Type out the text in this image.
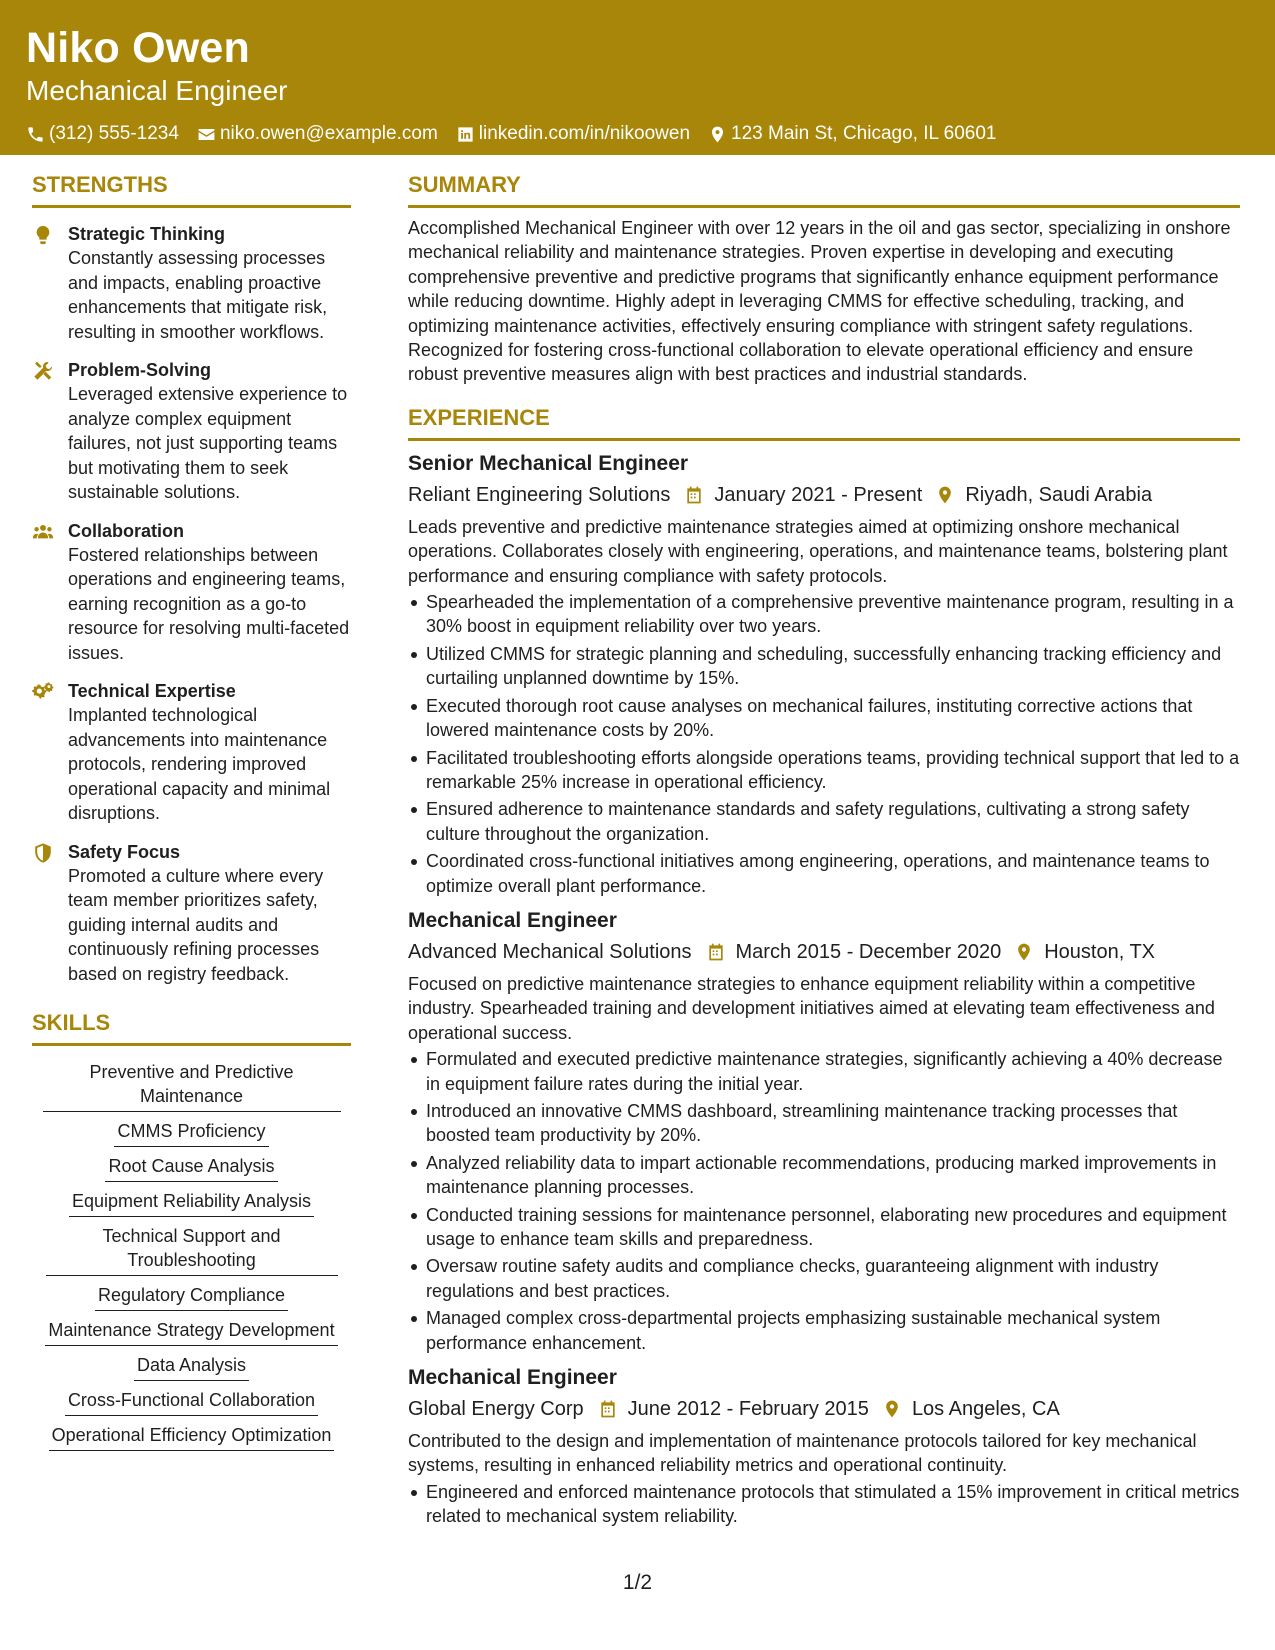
Niko Owen
Mechanical Engineer
(312) 555-1234 niko.owen@example.com linkedin.com/in/nikoowen 123 Main St, Chicago, IL 60601
STRENGTHS
Strategic Thinking
Constantly assessing processes and impacts, enabling proactive enhancements that mitigate risk, resulting in smoother workflows.
Problem-Solving
Leveraged extensive experience to analyze complex equipment failures, not just supporting teams but motivating them to seek sustainable solutions.
Collaboration
Fostered relationships between operations and engineering teams, earning recognition as a go-to resource for resolving multi-faceted issues.
Technical Expertise
Implanted technological advancements into maintenance protocols, rendering improved operational capacity and minimal disruptions.
Safety Focus
Promoted a culture where every team member prioritizes safety, guiding internal audits and continuously refining processes based on registry feedback.
SKILLS
Preventive and Predictive Maintenance
CMMS Proficiency
Root Cause Analysis
Equipment Reliability Analysis
Technical Support and Troubleshooting
Regulatory Compliance
Maintenance Strategy Development
Data Analysis
Cross-Functional Collaboration
Operational Efficiency Optimization
SUMMARY
Accomplished Mechanical Engineer with over 12 years in the oil and gas sector, specializing in onshore mechanical reliability and maintenance strategies. Proven expertise in developing and executing comprehensive preventive and predictive programs that significantly enhance equipment performance while reducing downtime. Highly adept in leveraging CMMS for effective scheduling, tracking, and optimizing maintenance activities, effectively ensuring compliance with stringent safety regulations. Recognized for fostering cross-functional collaboration to elevate operational efficiency and ensure robust preventive measures align with best practices and industrial standards.
EXPERIENCE
Senior Mechanical Engineer
Reliant Engineering Solutions January 2021 - Present Riyadh, Saudi Arabia
Leads preventive and predictive maintenance strategies aimed at optimizing onshore mechanical operations. Collaborates closely with engineering, operations, and maintenance teams, bolstering plant performance and ensuring compliance with safety protocols.
Spearheaded the implementation of a comprehensive preventive maintenance program, resulting in a 30% boost in equipment reliability over two years.
Utilized CMMS for strategic planning and scheduling, successfully enhancing tracking efficiency and curtailing unplanned downtime by 15%.
Executed thorough root cause analyses on mechanical failures, instituting corrective actions that lowered maintenance costs by 20%.
Facilitated troubleshooting efforts alongside operations teams, providing technical support that led to a remarkable 25% increase in operational efficiency.
Ensured adherence to maintenance standards and safety regulations, cultivating a strong safety culture throughout the organization.
Coordinated cross-functional initiatives among engineering, operations, and maintenance teams to optimize overall plant performance.
Mechanical Engineer
Advanced Mechanical Solutions March 2015 - December 2020 Houston, TX
Focused on predictive maintenance strategies to enhance equipment reliability within a competitive industry. Spearheaded training and development initiatives aimed at elevating team effectiveness and operational success.
Formulated and executed predictive maintenance strategies, significantly achieving a 40% decrease in equipment failure rates during the initial year.
Introduced an innovative CMMS dashboard, streamlining maintenance tracking processes that boosted team productivity by 20%.
Analyzed reliability data to impart actionable recommendations, producing marked improvements in maintenance planning processes.
Conducted training sessions for maintenance personnel, elaborating new procedures and equipment usage to enhance team skills and preparedness.
Oversaw routine safety audits and compliance checks, guaranteeing alignment with industry regulations and best practices.
Managed complex cross-departmental projects emphasizing sustainable mechanical system performance enhancement.
Mechanical Engineer
Global Energy Corp June 2012 - February 2015 Los Angeles, CA
Contributed to the design and implementation of maintenance protocols tailored for key mechanical systems, resulting in enhanced reliability metrics and operational continuity.
Engineered and enforced maintenance protocols that stimulated a 15% improvement in critical metrics related to mechanical system reliability.
1/2
